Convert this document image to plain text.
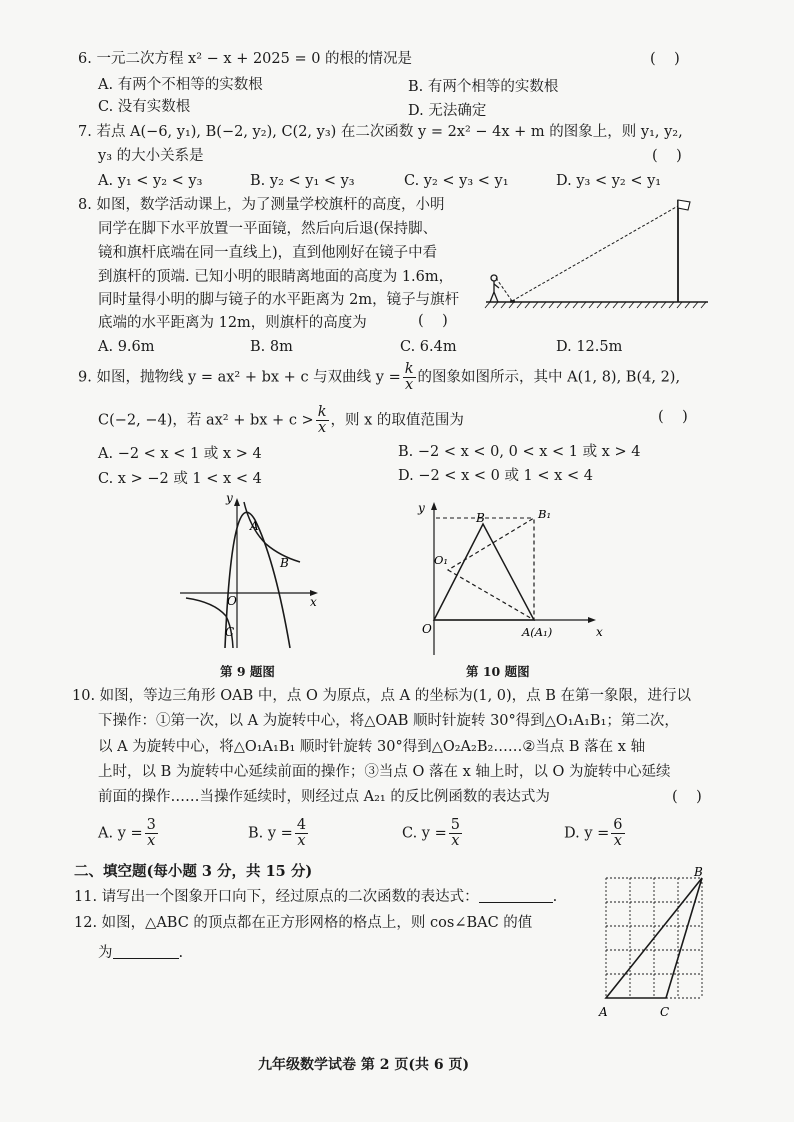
6. 一元二次方程 x² − x + 2025 = 0 的根的情况是	(    )
A. 有两个不相等的实数根	B. 有两个相等的实数根
C. 没有实数根	D. 无法确定
7. 若点 A(−6, y₁), B(−2, y₂), C(2, y₃) 在二次函数 y = 2x² − 4x + m 的图象上，则 y₁, y₂,
y₃ 的大小关系是	(    )
A. y₁ < y₂ < y₃	B. y₂ < y₁ < y₃	C. y₂ < y₃ < y₁	D. y₃ < y₂ < y₁
8. 如图，数学活动课上，为了测量学校旗杆的高度，小明
同学在脚下水平放置一平面镜，然后向后退(保持脚、
镜和旗杆底端在同一直线上)，直到他刚好在镜子中看
到旗杆的顶端. 已知小明的眼睛离地面的高度为 1.6m，
同时量得小明的脚与镜子的水平距离为 2m，镜子与旗杆
底端的水平距离为 12m，则旗杆的高度为	(    )
A. 9.6m	B. 8m	C. 6.4m	D. 12.5m
9. 如图，抛物线 y = ax² + bx + c 与双曲线 $y = \frac{k}{x}$ 的图象如图所示，其中 A(1, 8), B(4, 2),
C(−2, −4)，若 ax² + bx + $c > \frac{k}{x}$ ，则 x 的取值范围为	(    )
A. −2 < x < 1 或 x > 4	B. −2 < x < 0, 0 < x < 1 或 x > 4
C. x > −2 或 1 < x < 4	D. −2 < x < 0 或 1 < x < 4
y
x
O
A
B
C
第 9 题图
y
x
O
O₁
B	B₁
A(A₁)
第 10 题图
10. 如图，等边三角形 OAB 中，点 O 为原点，点 A 的坐标为(1, 0)，点 B 在第一象限，进行以
下操作：①第一次，以 A 为旋转中心，将△OAB 顺时针旋转 30°得到△O₁A₁B₁；第二次，
以 A 为旋转中心，将△O₁A₁B₁ 顺时针旋转 30°得到△O₂A₂B₂……②当点 B 落在 x 轴
上时，以 B 为旋转中心延续前面的操作；③当点 O 落在 x 轴上时，以 O 为旋转中心延续
前面的操作……当操作延续时，则经过点 A₂₁ 的反比例函数的表达式为	(    )
A. $y = \frac{3}{x}$	B. $y = \frac{4}{x}$	C. $y = \frac{5}{x}$	D. $y = \frac{6}{x}$
二、填空题(每小题 3 分，共 15 分)
11. 请写出一个图象开口向下，经过原点的二次函数的表达式：	.
12. 如图，△ABC 的顶点都在正方形网格的格点上，则 cos∠BAC 的值
为	.
A
B
C
九年级数学试卷 第 2 页(共 6 页)
